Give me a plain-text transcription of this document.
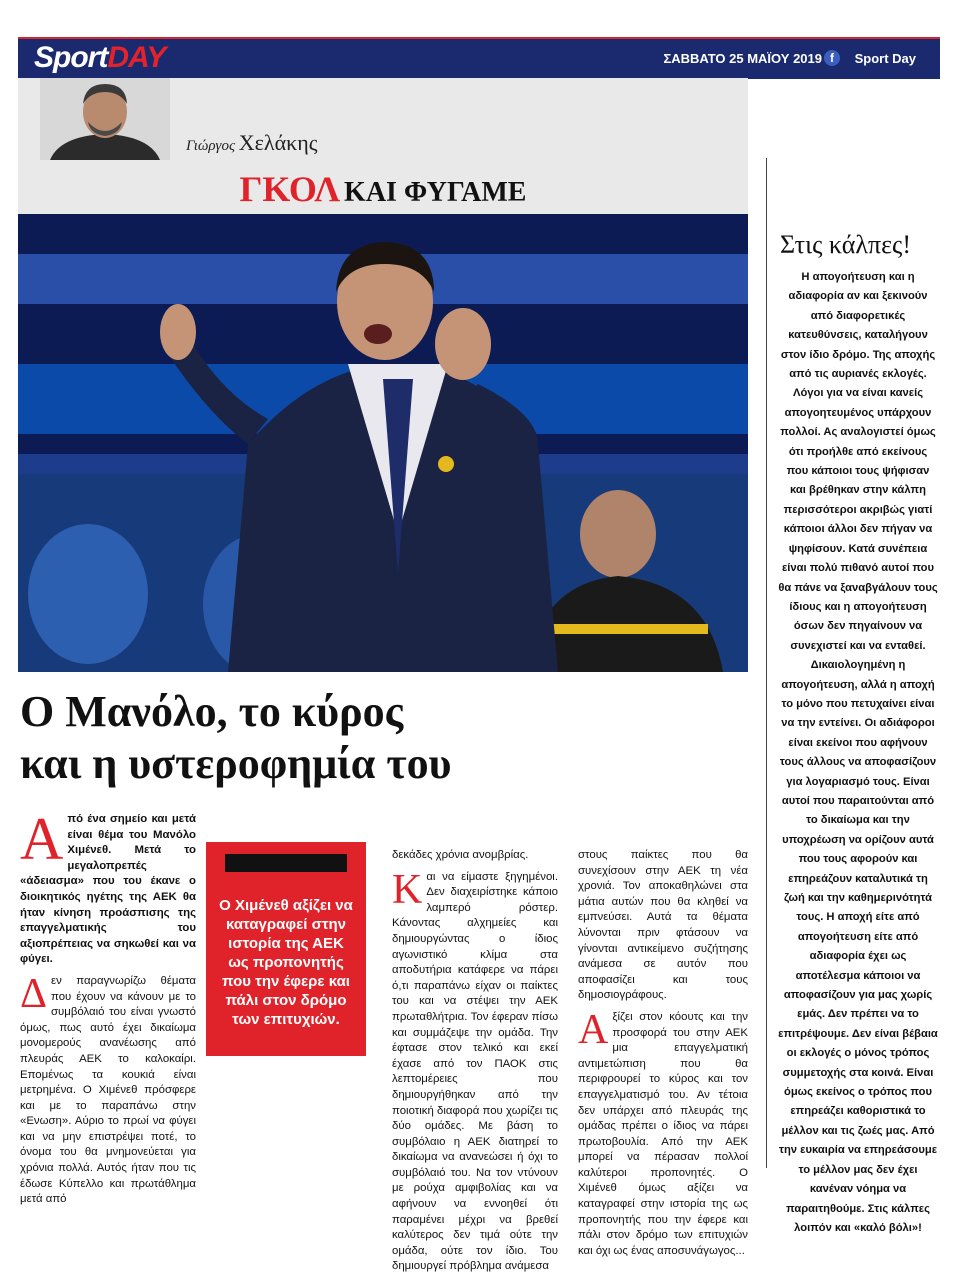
SportDAY	ΣΑΒΒΑΤΟ 25 ΜΑΪΟΥ 2019 f	Sport Day
Γιώργος Χελάκης
ΓΚΟΛ ΚΑΙ ΦΥΓΑΜΕ
Ο Μανόλο, το κύρος
και η υστεροφημία του

Α πό ένα σημείο και μετά είναι θέμα του Μανόλο Χιμένεθ. Μετά το μεγαλοπρεπές «άδειασμα» που του έκανε ο διοικητικός ηγέτης της ΑΕΚ θα ήταν κίνηση προάσπισης της επαγγελματικής του αξιοπρέπειας να σηκωθεί και να φύγει.

Δ εν παραγνωρίζω θέματα που έχουν να κάνουν με το συμβόλαιό του είναι γνωστό όμως, πως αυτό έχει δικαίωμα μονομερούς ανανέωσης από πλευράς ΑΕΚ το καλοκαίρι. Επομένως τα κουκιά είναι μετρημένα. Ο Χιμένεθ πρόσφερε και με το παραπάνω στην «Ενωση». Αύριο το πρωί να φύγει και να μην επιστρέψει ποτέ, το όνομα του θα μνημονεύεται για χρόνια πολλά. Αυτός ήταν που τις έδωσε Κύπελλο και πρωτάθλημα μετά από

Ο Χιμένεθ αξίζει να καταγραφεί στην ιστορία της ΑΕΚ ως προπονητής που την έφερε και πάλι στον δρόμο των επιτυχιών.

δεκάδες χρόνια ανομβρίας.

Κ αι να είμαστε ξηγημένοι. Δεν διαχειρίστηκε κάποιο λαμπερό ρόστερ. Κάνοντας αλχημείες και δημιουργώντας ο ίδιος αγωνιστικό κλίμα στα αποδυτήρια κατάφερε να πάρει ό,τι παραπάνω είχαν οι παίκτες του και να στέψει την ΑΕΚ πρωταθλήτρια. Τον έφεραν πίσω και συμμάζεψε την ομάδα. Την έφτασε στον τελικό και εκεί έχασε από τον ΠΑΟΚ στις λεπτομέρειες που δημιουργήθηκαν από την ποιοτική διαφορά που χωρίζει τις δύο ομάδες. Με βάση το συμβόλαιο η ΑΕΚ διατηρεί το δικαίωμα να ανανεώσει ή όχι το συμβόλαιό του. Να τον ντύνουν με ρούχα αμφιβολίας και να αφήνουν να εννοηθεί ότι παραμένει μέχρι να βρεθεί καλύτερος δεν τιμά ούτε την ομάδα, ούτε τον ίδιο. Του δημιουργεί πρόβλημα ανάμεσα

στους παίκτες που θα συνεχίσουν στην ΑΕΚ τη νέα χρονιά. Τον αποκαθηλώνει στα μάτια αυτών που θα κληθεί να εμπνεύσει. Αυτά τα θέματα λύνονται πριν φτάσουν να γίνονται αντικείμενο συζήτησης ανάμεσα σε αυτόν που αποφασίζει και τους δημοσιογράφους.

Α ξίζει στον κόουτς και την προσφορά του στην ΑΕΚ μια επαγγελματική αντιμετώπιση που θα περιφρουρεί το κύρος και τον επαγγελματισμό του. Αν τέτοια δεν υπάρχει από πλευράς της ομάδας πρέπει ο ίδιος να πάρει πρωτοβουλία. Από την ΑΕΚ μπορεί να πέρασαν πολλοί καλύτεροι προπονητές. Ο Χιμένεθ όμως αξίζει να καταγραφεί στην ιστορία της ως προπονητής που την έφερε και πάλι στον δρόμο των επιτυχιών και όχι ως ένας αποσυνάγωγος...

Στις κάλπες!
Η απογοήτευση και η αδιαφορία αν και ξεκινούν από διαφορετικές κατευθύνσεις, καταλήγουν στον ίδιο δρόμο. Της αποχής από τις αυριανές εκλογές. Λόγοι για να είναι κανείς απογοητευμένος υπάρχουν πολλοί. Ας αναλογιστεί όμως ότι προήλθε από εκείνους που κάποιοι τους ψήφισαν και βρέθηκαν στην κάλπη περισσότεροι ακριβώς γιατί κάποιοι άλλοι δεν πήγαν να ψηφίσουν. Κατά συνέπεια είναι πολύ πιθανό αυτοί που θα πάνε να ξαναβγάλουν τους ίδιους και η απογοήτευση όσων δεν πηγαίνουν να συνεχιστεί και να ενταθεί. Δικαιολογημένη η απογοήτευση, αλλά η αποχή το μόνο που πετυχαίνει είναι να την εντείνει. Οι αδιάφοροι είναι εκείνοι που αφήνουν τους άλλους να αποφασίζουν για λογαριασμό τους. Είναι αυτοί που παραιτούνται από το δικαίωμα και την υποχρέωση να ορίζουν αυτά που τους αφορούν και επηρεάζουν καταλυτικά τη ζωή και την καθημερινότητά τους. Η αποχή είτε από απογοήτευση είτε από αδιαφορία έχει ως αποτέλεσμα κάποιοι να αποφασίζουν για μας χωρίς εμάς. Δεν πρέπει να το επιτρέψουμε. Δεν είναι βέβαια οι εκλογές ο μόνος τρόπος συμμετοχής στα κοινά. Είναι όμως εκείνος ο τρόπος που επηρεάζει καθοριστικά το μέλλον και τις ζωές μας. Από την ευκαιρία να επηρεάσουμε το μέλλον μας δεν έχει κανέναν νόημα να παραιτηθούμε. Στις κάλπες λοιπόν και «καλό βόλι»!
